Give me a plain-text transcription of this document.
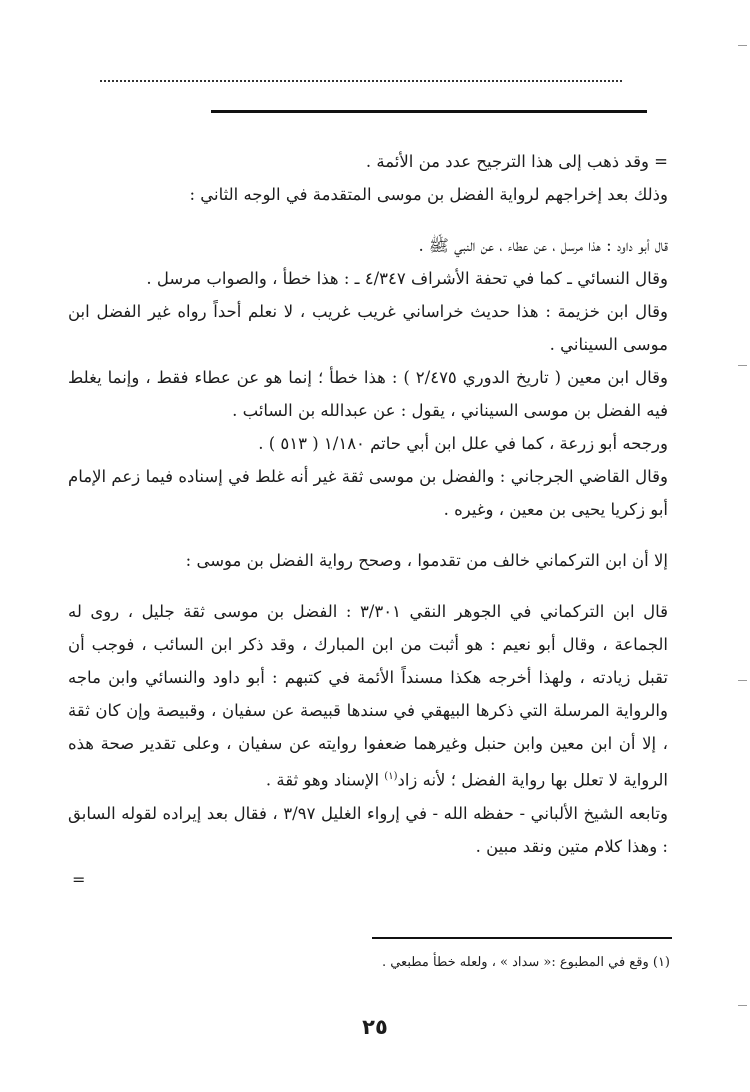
= وقد ذهب إلى هذا الترجيح عدد من الأئمة .

وذلك بعد إخراجهم لرواية الفضل بن موسى المتقدمة في الوجه الثاني :

قال أبو داود : هذا مرسل ، عن عطاء ، عن النبي ﷺ .

وقال النسائي ـ كما في تحفة الأشراف ٤/٣٤٧ ـ : هذا خطأ ، والصواب مرسل .

وقال ابن خزيمة : هذا حديث خراساني غريب غريب ، لا نعلم أحداً رواه غير الفضل ابن موسى السيناني .

وقال ابن معين ( تاريخ الدوري ٢/٤٧٥ ) : هذا خطأ ؛ إنما هو عن عطاء فقط ، وإنما يغلط فيه الفضل بن موسى السيناني ، يقول : عن عبدالله بن السائب .

ورجحه أبو زرعة ، كما في علل ابن أبي حاتم ١/١٨٠ ( ٥١٣ ) .

وقال القاضي الجرجاني : والفضل بن موسى ثقة غير أنه غلط في إسناده فيما زعم الإمام أبو زكريا يحيى بن معين ، وغيره .

إلا أن ابن التركماني خالف من تقدموا ، وصحح رواية الفضل بن موسى :

قال ابن التركماني في الجوهر النقي ٣/٣٠١ : الفضل بن موسى ثقة جليل ، روى له الجماعة ، وقال أبو نعيم : هو أثبت من ابن المبارك ، وقد ذكر ابن السائب ، فوجب أن تقبل زيادته ، ولهذا أخرجه هكذا مسنداً الأئمة في كتبهم : أبو داود والنسائي وابن ماجه والرواية المرسلة التي ذكرها البيهقي في سندها قبيصة عن سفيان ، وقبيصة وإن كان ثقة ، إلا أن ابن معين وابن حنبل وغيرهما ضعفوا روايته عن سفيان ، وعلى تقدير صحة هذه الرواية لا تعلل بها رواية الفضل ؛ لأنه زاد$^{(١)}$ الإسناد وهو ثقة .

وتابعه الشيخ الألباني - حفظه الله - في إرواء الغليل ٣/٩٧ ، فقال بعد إيراده لقوله السابق : وهذا كلام متين ونقد مبين .

=
(١) وقع في المطبوع :« سداد » ، ولعله خطأ مطبعي .
٢٥
